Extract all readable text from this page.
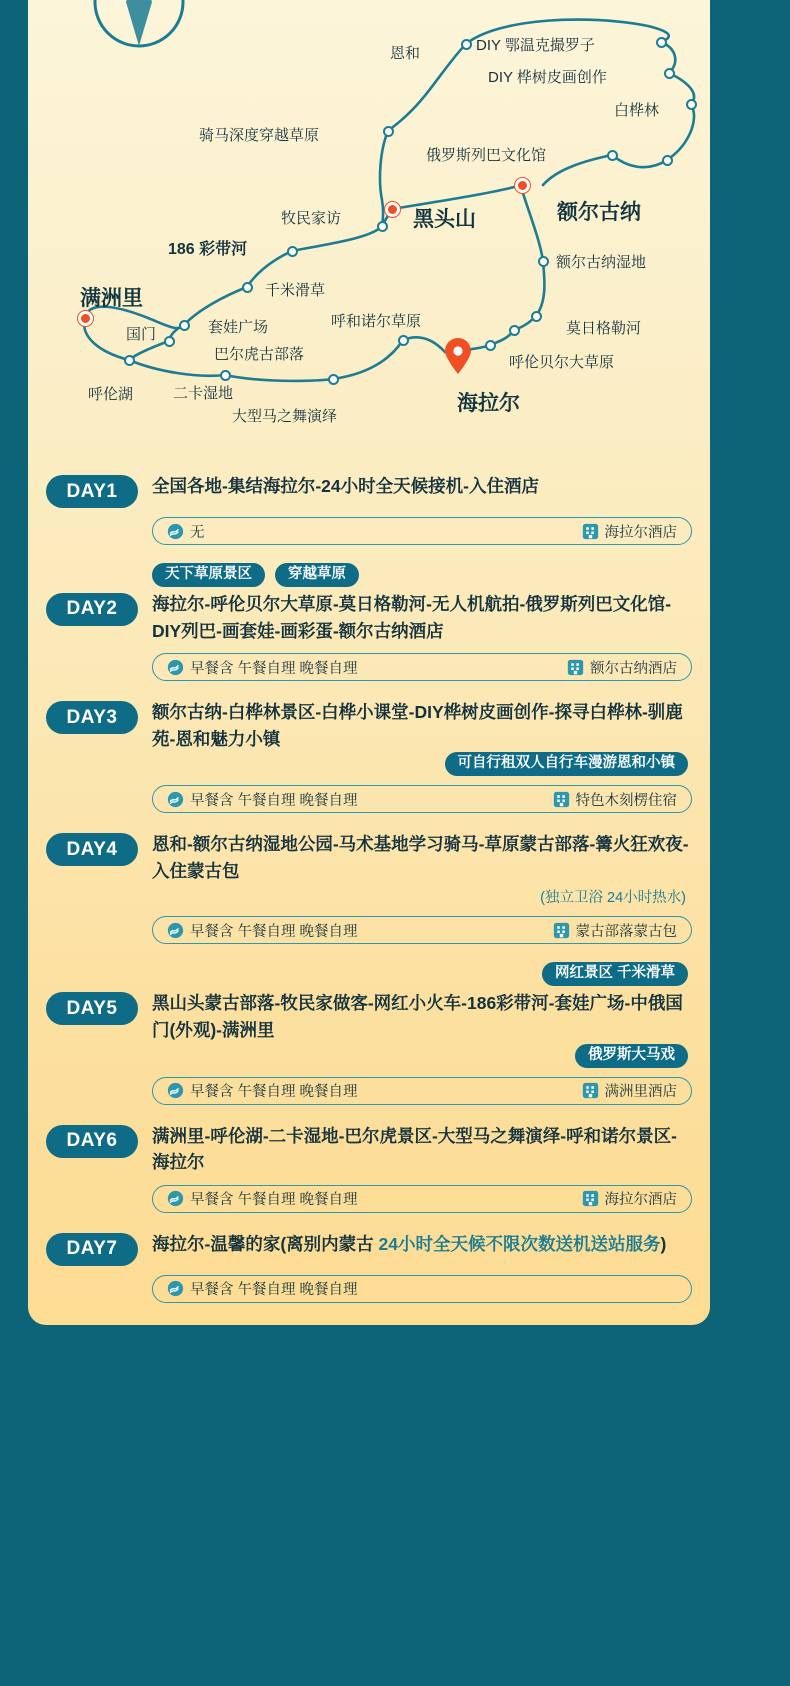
恩和	DIY 鄂温克撮罗子
DIY 桦树皮画创作
白桦林
骑马深度穿越草原
俄罗斯列巴文化馆
额尔古纳
黑头山
牧民家访
额尔古纳湿地
186 彩带河
千米滑草
满洲里
呼和诺尔草原	莫日格勒河
国门	套娃广场
巴尔虎古部落	呼伦贝尔大草原
呼伦湖	二卡湿地	海拉尔
大型马之舞演绎
DAY1	全国各地-集结海拉尔-24小时全天候接机-入住酒店
无	海拉尔酒店
天下草原景区	穿越草原
DAY2	海拉尔-呼伦贝尔大草原-莫日格勒河-无人机航拍-俄罗斯列巴文化馆-DIY列巴-画套娃-画彩蛋-额尔古纳酒店
早餐含 午餐自理 晚餐自理	额尔古纳酒店
DAY3	额尔古纳-白桦林景区-白桦小课堂-DIY桦树皮画创作-探寻白桦林-驯鹿苑-恩和魅力小镇
可自行租双人自行车漫游恩和小镇
早餐含 午餐自理 晚餐自理	特色木刻楞住宿
DAY4	恩和-额尔古纳湿地公园-马术基地学习骑马-草原蒙古部落-篝火狂欢夜-入住蒙古包
(独立卫浴 24小时热水)
早餐含 午餐自理 晚餐自理	蒙古部落蒙古包
网红景区 千米滑草
DAY5	黑山头蒙古部落-牧民家做客-网红小火车-186彩带河-套娃广场-中俄国门(外观)-满洲里
俄罗斯大马戏
早餐含 午餐自理 晚餐自理	满洲里酒店
DAY6	满洲里-呼伦湖-二卡湿地-巴尔虎景区-大型马之舞演绎-呼和诺尔景区-海拉尔
早餐含 午餐自理 晚餐自理	海拉尔酒店
DAY7	海拉尔-温馨的家(离别内蒙古 24小时全天候不限次数送机送站服务)
早餐含 午餐自理 晚餐自理
